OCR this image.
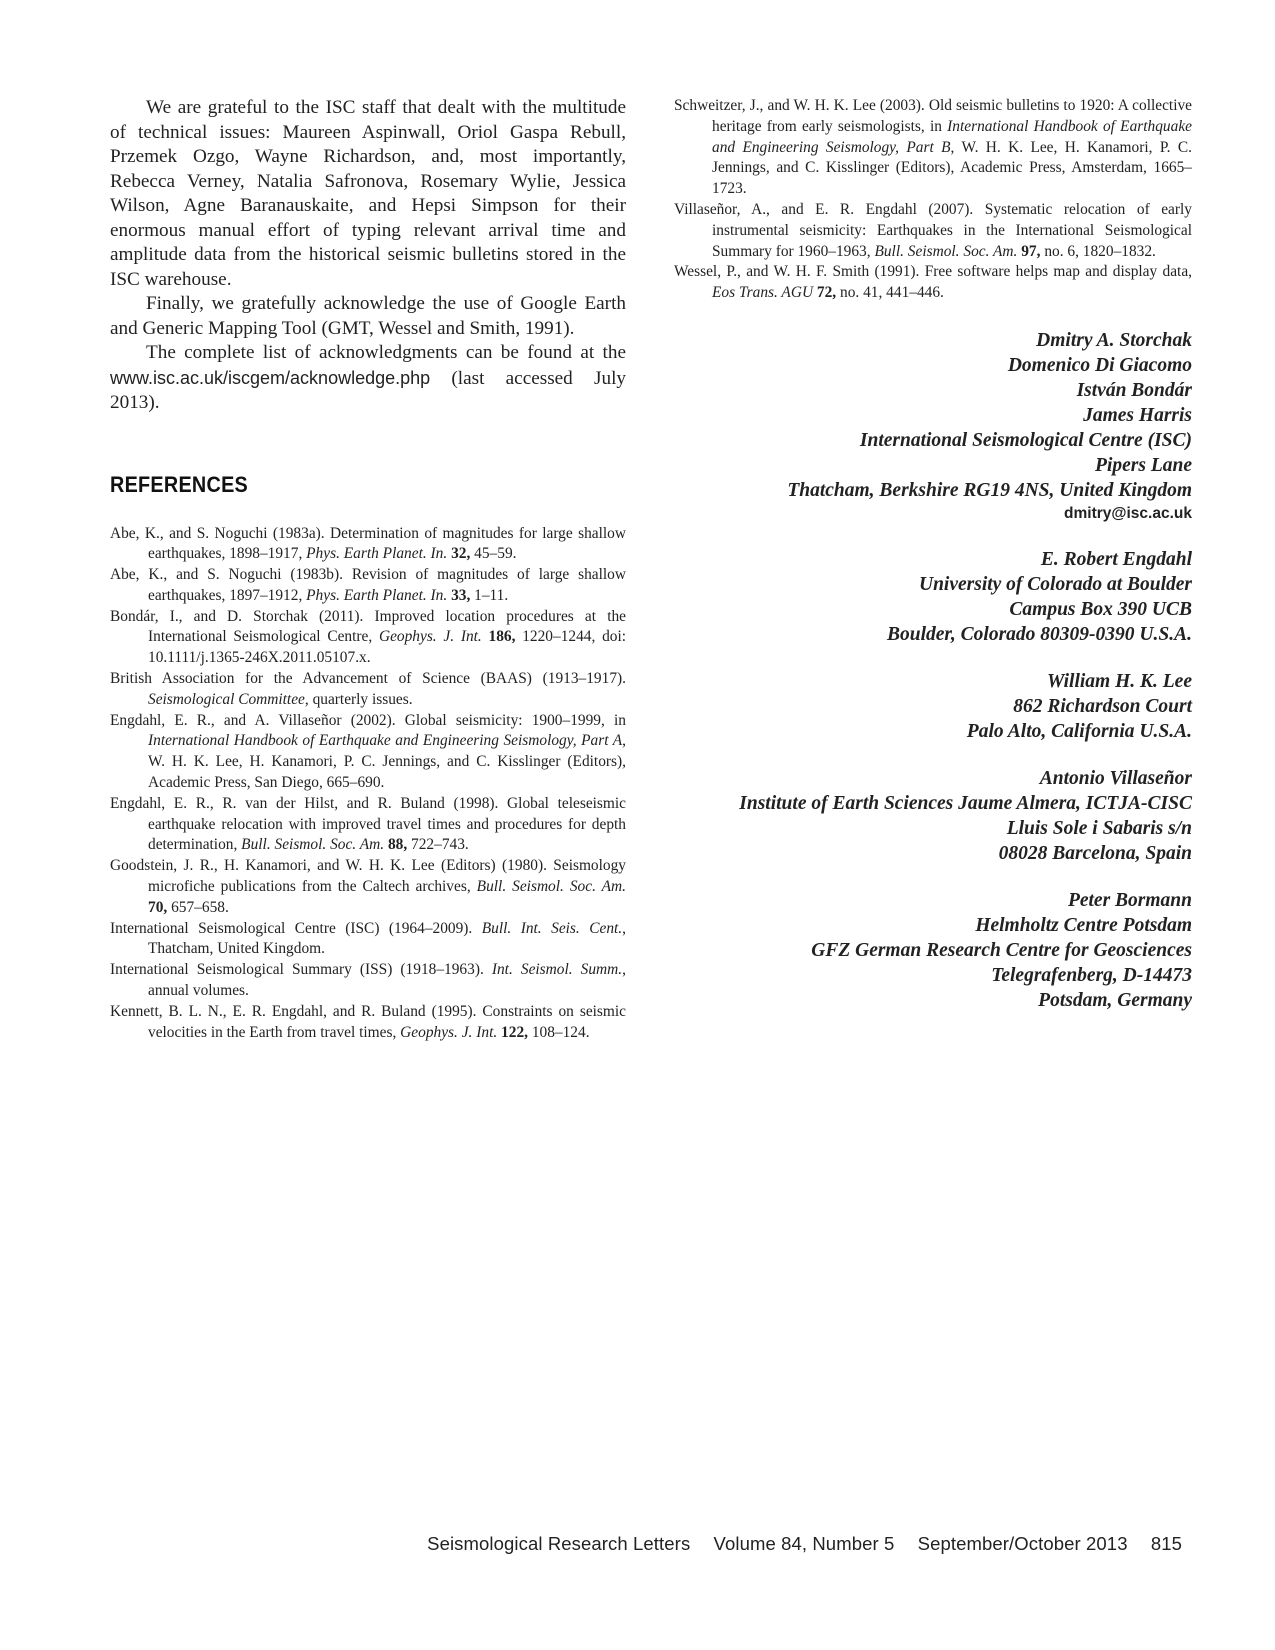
We are grateful to the ISC staff that dealt with the multitude of technical issues: Maureen Aspinwall, Oriol Gaspa Rebull, Przemek Ozgo, Wayne Richardson, and, most importantly, Rebecca Verney, Natalia Safronova, Rosemary Wylie, Jessica Wilson, Agne Baranauskaite, and Hepsi Simpson for their enormous manual effort of typing relevant arrival time and amplitude data from the historical seismic bulletins stored in the ISC warehouse.

Finally, we gratefully acknowledge the use of Google Earth and Generic Mapping Tool (GMT, Wessel and Smith, 1991).

The complete list of acknowledgments can be found at the www.isc.ac.uk/iscgem/acknowledge.php (last accessed July 2013).

REFERENCES

Abe, K., and S. Noguchi (1983a). Determination of magnitudes for large shallow earthquakes, 1898–1917, Phys. Earth Planet. In. 32, 45–59.

Abe, K., and S. Noguchi (1983b). Revision of magnitudes of large shallow earthquakes, 1897–1912, Phys. Earth Planet. In. 33, 1–11.

Bondár, I., and D. Storchak (2011). Improved location procedures at the International Seismological Centre, Geophys. J. Int. 186, 1220–1244, doi: 10.1111/j.1365-246X.2011.05107.x.

British Association for the Advancement of Science (BAAS) (1913–1917). Seismological Committee, quarterly issues.

Engdahl, E. R., and A. Villaseñor (2002). Global seismicity: 1900–1999, in International Handbook of Earthquake and Engineering Seismology, Part A, W. H. K. Lee, H. Kanamori, P. C. Jennings, and C. Kisslinger (Editors), Academic Press, San Diego, 665–690.

Engdahl, E. R., R. van der Hilst, and R. Buland (1998). Global teleseismic earthquake relocation with improved travel times and procedures for depth determination, Bull. Seismol. Soc. Am. 88, 722–743.

Goodstein, J. R., H. Kanamori, and W. H. K. Lee (Editors) (1980). Seismology microfiche publications from the Caltech archives, Bull. Seismol. Soc. Am. 70, 657–658.

International Seismological Centre (ISC) (1964–2009). Bull. Int. Seis. Cent., Thatcham, United Kingdom.

International Seismological Summary (ISS) (1918–1963). Int. Seismol. Summ., annual volumes.

Kennett, B. L. N., E. R. Engdahl, and R. Buland (1995). Constraints on seismic velocities in the Earth from travel times, Geophys. J. Int. 122, 108–124.

Schweitzer, J., and W. H. K. Lee (2003). Old seismic bulletins to 1920: A collective heritage from early seismologists, in International Handbook of Earthquake and Engineering Seismology, Part B, W. H. K. Lee, H. Kanamori, P. C. Jennings, and C. Kisslinger (Editors), Academic Press, Amsterdam, 1665–1723.

Villaseñor, A., and E. R. Engdahl (2007). Systematic relocation of early instrumental seismicity: Earthquakes in the International Seismological Summary for 1960–1963, Bull. Seismol. Soc. Am. 97, no. 6, 1820–1832.

Wessel, P., and W. H. F. Smith (1991). Free software helps map and display data, Eos Trans. AGU 72, no. 41, 441–446.

Dmitry A. Storchak
Domenico Di Giacomo
István Bondár
James Harris
International Seismological Centre (ISC)
Pipers Lane
Thatcham, Berkshire RG19 4NS, United Kingdom
dmitry@isc.ac.uk
E. Robert Engdahl
University of Colorado at Boulder
Campus Box 390 UCB
Boulder, Colorado 80309-0390 U.S.A.
William H. K. Lee
862 Richardson Court
Palo Alto, California U.S.A.
Antonio Villaseñor
Institute of Earth Sciences Jaume Almera, ICTJA-CISC
Lluis Sole i Sabaris s/n
08028 Barcelona, Spain
Peter Bormann
Helmholtz Centre Potsdam
GFZ German Research Centre for Geosciences
Telegrafenberg, D-14473
Potsdam, Germany
Seismological Research Letters Volume 84, Number 5 September/October 2013 815
